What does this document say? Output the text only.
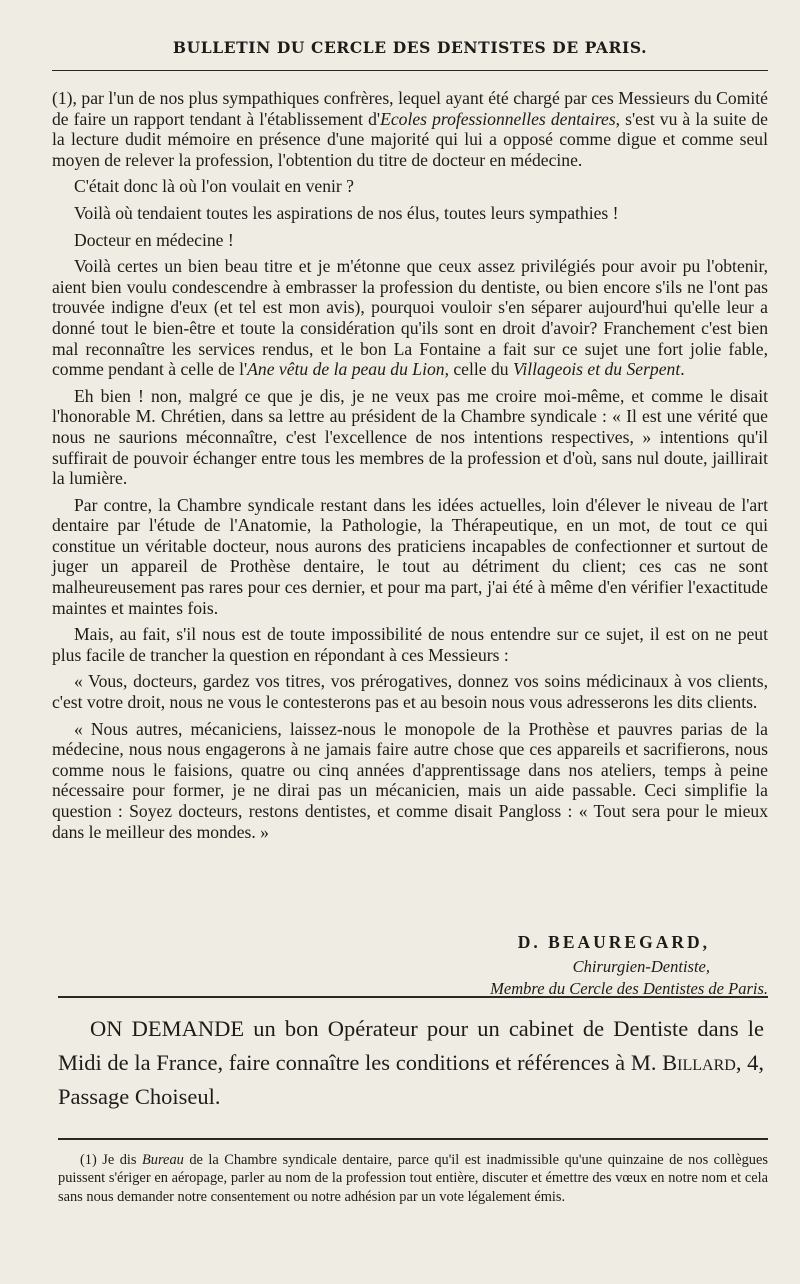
BULLETIN DU CERCLE DES DENTISTES DE PARIS.

(1), par l'un de nos plus sympathiques confrères, lequel ayant été chargé par ces Messieurs du Comité de faire un rapport tendant à l'établissement d'Ecoles professionnelles dentaires, s'est vu à la suite de la lecture dudit mémoire en présence d'une majorité qui lui a opposé comme digue et comme seul moyen de relever la profession, l'obtention du titre de docteur en médecine.

C'était donc là où l'on voulait en venir ?

Voilà où tendaient toutes les aspirations de nos élus, toutes leurs sympathies !

Docteur en médecine !

Voilà certes un bien beau titre et je m'étonne que ceux assez privilégiés pour avoir pu l'obtenir, aient bien voulu condescendre à embrasser la profession du dentiste, ou bien encore s'ils ne l'ont pas trouvée indigne d'eux (et tel est mon avis), pourquoi vouloir s'en séparer aujourd'hui qu'elle leur a donné tout le bien-être et toute la considération qu'ils sont en droit d'avoir? Franchement c'est bien mal reconnaître les services rendus, et le bon La Fontaine a fait sur ce sujet une fort jolie fable, comme pendant à celle de l'Ane vêtu de la peau du Lion, celle du Villageois et du Serpent.

Eh bien ! non, malgré ce que je dis, je ne veux pas me croire moi-même, et comme le disait l'honorable M. Chrétien, dans sa lettre au président de la Chambre syndicale : « Il est une vérité que nous ne saurions méconnaître, c'est l'excellence de nos intentions respectives, » intentions qu'il suffirait de pouvoir échanger entre tous les membres de la profession et d'où, sans nul doute, jaillirait la lumière.

Par contre, la Chambre syndicale restant dans les idées actuelles, loin d'élever le niveau de l'art dentaire par l'étude de l'Anatomie, la Pathologie, la Thérapeutique, en un mot, de tout ce qui constitue un véritable docteur, nous aurons des praticiens incapables de confectionner et surtout de juger un appareil de Prothèse dentaire, le tout au détriment du client; ces cas ne sont malheureusement pas rares pour ces dernier, et pour ma part, j'ai été à même d'en vérifier l'exactitude maintes et maintes fois.

Mais, au fait, s'il nous est de toute impossibilité de nous entendre sur ce sujet, il est on ne peut plus facile de trancher la question en répondant à ces Messieurs :

« Vous, docteurs, gardez vos titres, vos prérogatives, donnez vos soins médicinaux à vos clients, c'est votre droit, nous ne vous le contesterons pas et au besoin nous vous adresserons les dits clients.

« Nous autres, mécaniciens, laissez-nous le monopole de la Prothèse et pauvres parias de la médecine, nous nous engagerons à ne jamais faire autre chose que ces appareils et sacrifierons, nous comme nous le faisions, quatre ou cinq années d'apprentissage dans nos ateliers, temps à peine nécessaire pour former, je ne dirai pas un mécanicien, mais un aide passable. Ceci simplifie la question : Soyez docteurs, restons dentistes, et comme disait Pangloss : « Tout sera pour le mieux dans le meilleur des mondes. »

D. BEAUREGARD,
Chirurgien-Dentiste,
Membre du Cercle des Dentistes de Paris.

ON DEMANDE un bon Opérateur pour un cabinet de Dentiste dans le Midi de la France, faire connaître les conditions et références à M. Billard, 4, Passage Choiseul.

(1) Je dis Bureau de la Chambre syndicale dentaire, parce qu'il est inadmissible qu'une quinzaine de nos collègues puissent s'ériger en aéropage, parler au nom de la profession tout entière, discuter et émettre des vœux en notre nom et cela sans nous demander notre consentement ou notre adhésion par un vote légalement émis.
